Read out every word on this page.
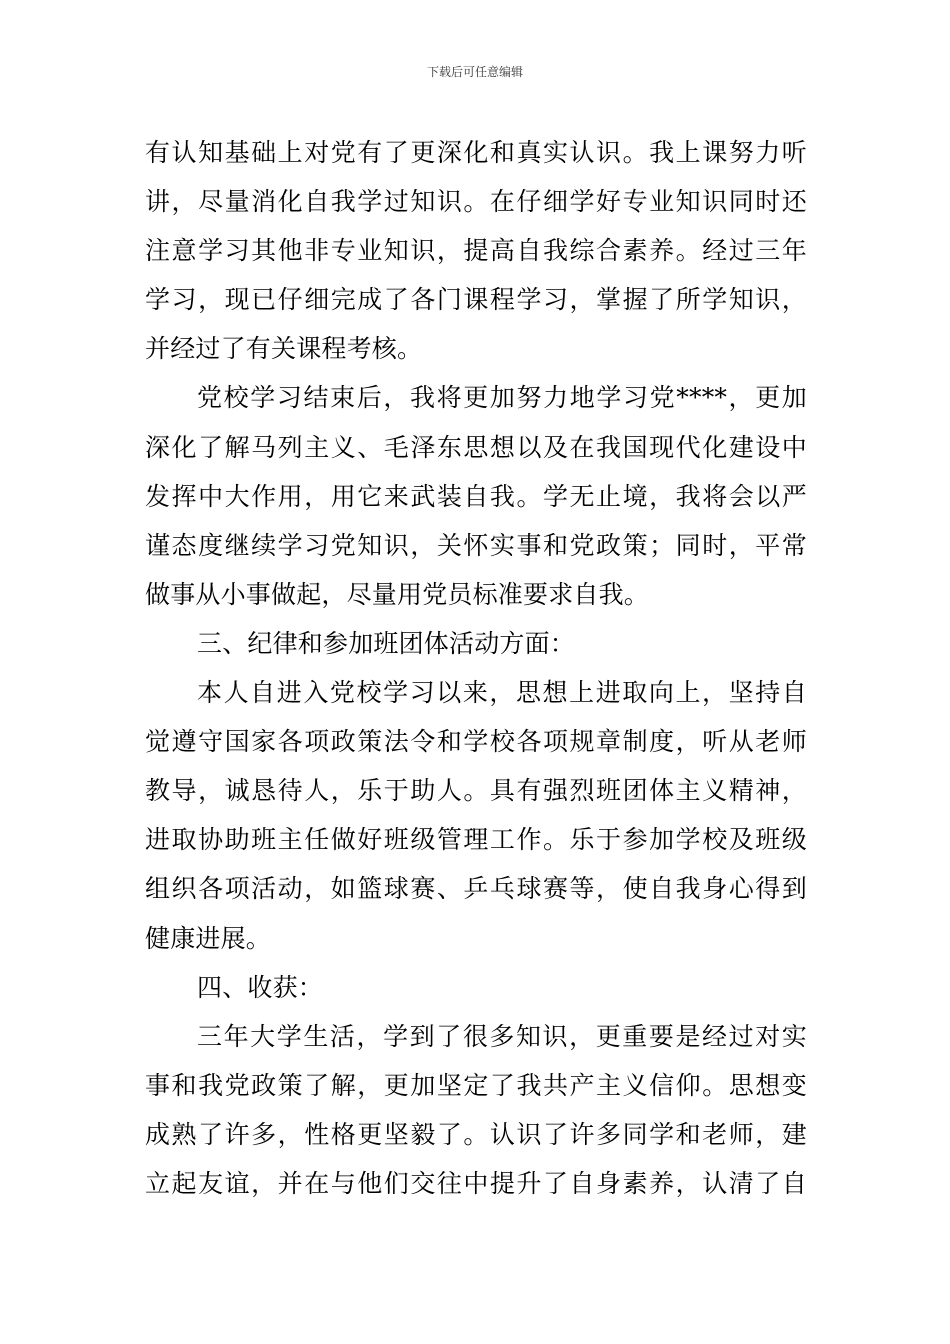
下载后可任意编辑
有认知基础上对党有了更深化和真实认识。我上课努力听
讲，尽量消化自我学过知识。在仔细学好专业知识同时还
注意学习其他非专业知识，提高自我综合素养。经过三年
学习，现已仔细完成了各门课程学习，掌握了所学知识，
并经过了有关课程考核。
党校学习结束后，我将更加努力地学习党****，更加
深化了解马列主义、毛泽东思想以及在我国现代化建设中
发挥中大作用，用它来武装自我。学无止境，我将会以严
谨态度继续学习党知识，关怀实事和党政策；同时，平常
做事从小事做起，尽量用党员标准要求自我。
三、纪律和参加班团体活动方面：
本人自进入党校学习以来，思想上进取向上，坚持自
觉遵守国家各项政策法令和学校各项规章制度，听从老师
教导，诚恳待人，乐于助人。具有强烈班团体主义精神，
进取协助班主任做好班级管理工作。乐于参加学校及班级
组织各项活动，如篮球赛、乒乓球赛等，使自我身心得到
健康进展。
四、收获：
三年大学生活，学到了很多知识，更重要是经过对实
事和我党政策了解，更加坚定了我共产主义信仰。思想变
成熟了许多，性格更坚毅了。认识了许多同学和老师，建
立起友谊，并在与他们交往中提升了自身素养，认清了自
